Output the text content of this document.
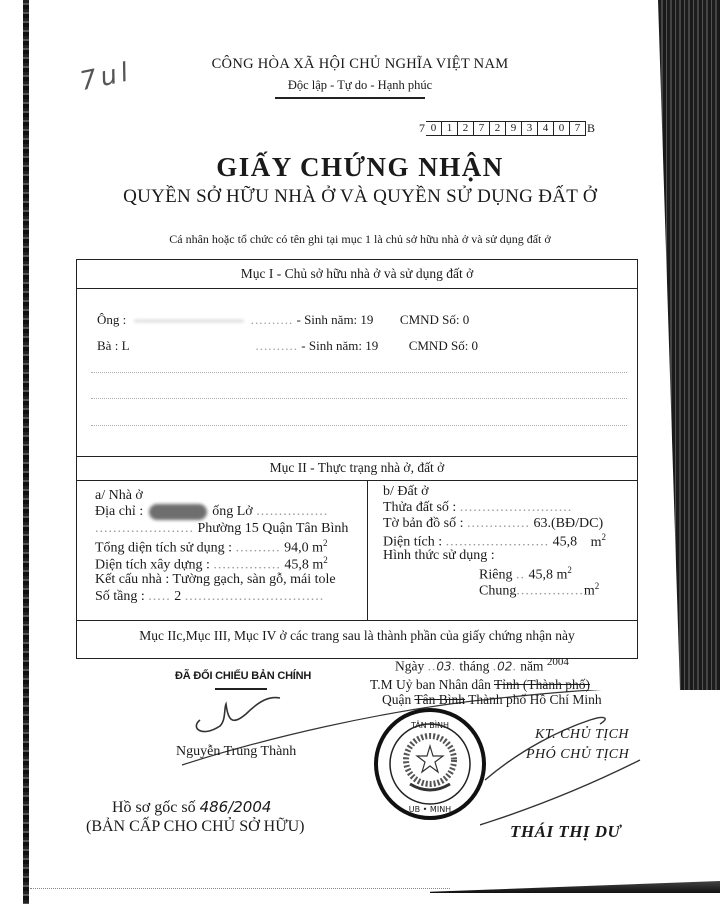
7ul	CÔNG HÒA XÃ HỘI CHỦ NGHĨA VIỆT NAM
Độc lập - Tự do - Hạnh phúc
7 0 1 2 7 2 9 3 4 0 7 B
GIẤY CHỨNG NHẬN
QUYỀN SỞ HỮU NHÀ Ở VÀ QUYỀN SỬ DỤNG ĐẤT Ở
Cá nhân hoặc tổ chức có tên ghi tại mục 1 là chủ sở hữu nhà ở và sử dụng đất ở
Mục I - Chủ sở hữu nhà ở và sử dụng đất ở
Ông :	.......... - Sinh năm: 19 CMND Số: 0
Bà : L	.......... - Sinh năm: 19 CMND Số: 0
Mục II - Thực trạng nhà ở, đất ở
a/ Nhà ở
Địa chỉ :	ống Lở ................
...................... Phường 15 Quận Tân Bình
Tổng diện tích sử dụng : .......... 94,0 $m^2$
Diện tích xây dựng : ............... 45,8 $m^2$
Kết cấu nhà : Tường gạch, sàn gỗ, mái tole
Số tầng : ..... 2 ...............................
b/ Đất ở
Thửa đất số : .........................
Tờ bản đồ số : .............. 63.(BĐ/DC)
Diện tích : ....................... 45,8 $m^2$
Hình thức sử dụng :
Riêng .. 45,8 $m^2$
$Chung...............m^2$
Mục IIc,Mục III, Mục IV ở các trang sau là thành phần của giấy chứng nhận này
ĐÃ ĐỐI CHIẾU BẢN CHÍNH
Nguyễn Trung Thành
Ngày ..03. tháng .02. năm $^{2004}$
T.M Uỷ ban Nhân dân Tỉnh (Thành phố)
Quận Tân Bình Thành phố Hồ Chí Minh
TÂN BÌNH
UB • MINH
KT. CHỦ TỊCH
PHÓ CHỦ TỊCH
THÁI THỊ DƯ
Hồ sơ gốc số 486/2004
(BẢN CẤP CHO CHỦ SỞ HỮU)
